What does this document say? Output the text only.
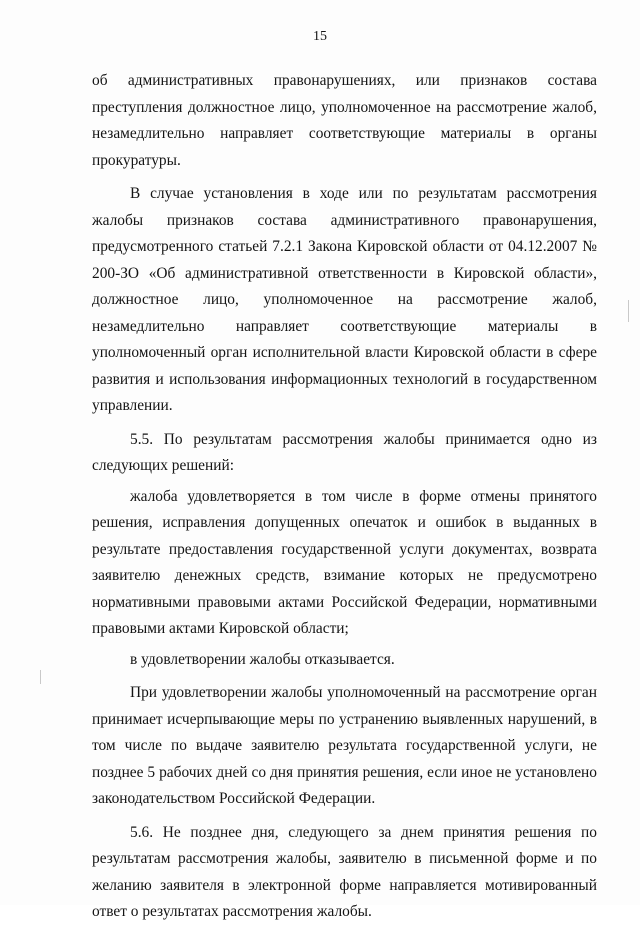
15

об административных правонарушениях, или признаков состава преступления должностное лицо, уполномоченное на рассмотрение жалоб, незамедлительно направляет соответствующие материалы в органы прокуратуры.

В случае установления в ходе или по результатам рассмотрения жалобы признаков состава административного правонарушения, предусмотренного статьей 7.2.1 Закона Кировской области от 04.12.2007 № 200-ЗО «Об административной ответственности в Кировской области», должностное лицо, уполномоченное на рассмотрение жалоб, незамедлительно направляет соответствующие материалы в уполномоченный орган исполнительной власти Кировской области в сфере развития и использования информационных технологий в государственном управлении.

5.5. По результатам рассмотрения жалобы принимается одно из следующих решений:

жалоба удовлетворяется в том числе в форме отмены принятого решения, исправления допущенных опечаток и ошибок в выданных в результате предоставления государственной услуги документах, возврата заявителю денежных средств, взимание которых не предусмотрено нормативными правовыми актами Российской Федерации, нормативными правовыми актами Кировской области;

в удовлетворении жалобы отказывается.

При удовлетворении жалобы уполномоченный на рассмотрение орган принимает исчерпывающие меры по устранению выявленных нарушений, в том числе по выдаче заявителю результата государственной услуги, не позднее 5 рабочих дней со дня принятия решения, если иное не установлено законодательством Российской Федерации.

5.6. Не позднее дня, следующего за днем принятия решения по результатам рассмотрения жалобы, заявителю в письменной форме и по желанию заявителя в электронной форме направляется мотивированный ответ о результатах рассмотрения жалобы.
